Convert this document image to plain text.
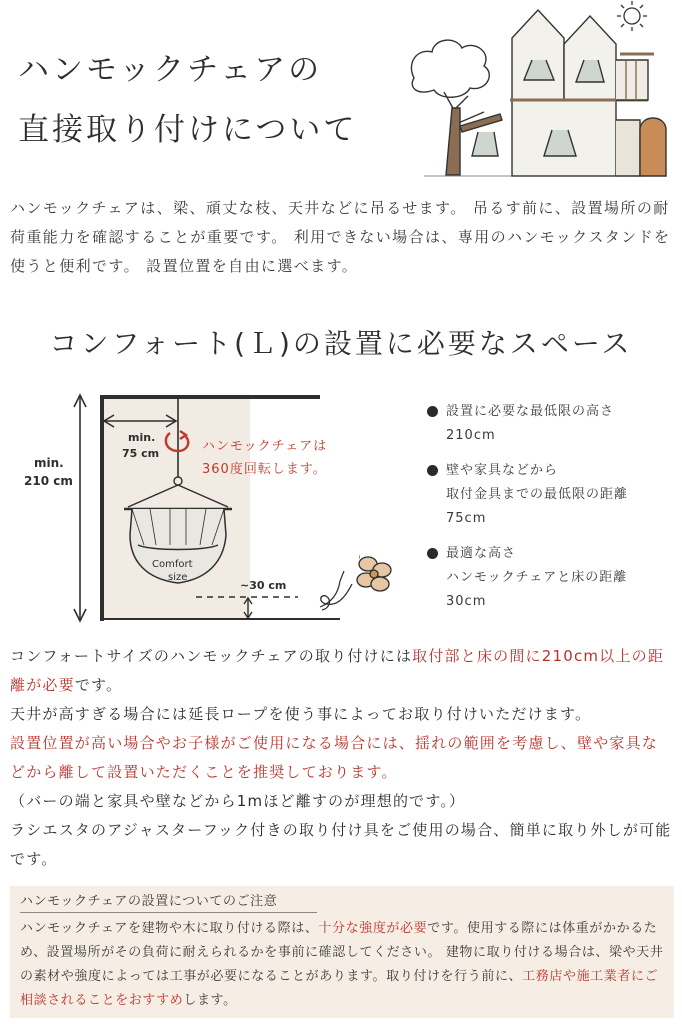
ハンモックチェアの
直接取り付けについて
ハンモックチェアは、梁、頑丈な枝、天井などに吊るせます。 吊るす前に、設置場所の耐荷重能力を確認することが重要です。 利用できない場合は、専用のハンモックスタンドを使うと便利です。 設置位置を自由に選べます。
コンフォート(Ｌ)の設置に必要なスペース
min.
210 cm
min.
75 cm
Comfort
size
~30 cm
ハンモックチェアは
360度回転します。
設置に必要な最低限の高さ
210cm
壁や家具などから
取付金具までの最低限の距離
75cm
最適な高さ
ハンモックチェアと床の距離
30cm
コンフォートサイズのハンモックチェアの取り付けには取付部と床の間に210cm以上の距離が必要です。
天井が高すぎる場合には延長ロープを使う事によってお取り付けいただけます。
設置位置が高い場合やお子様がご使用になる場合には、揺れの範囲を考慮し、壁や家具などから離して設置いただくことを推奨しております。
（バーの端と家具や壁などから1mほど離すのが理想的です。）
ラシエスタのアジャスターフック付きの取り付け具をご使用の場合、簡単に取り外しが可能です。
ハンモックチェアの設置についてのご注意
ハンモックチェアを建物や木に取り付ける際は、十分な強度が必要です。使用する際には体重がかかるため、設置場所がその負荷に耐えられるかを事前に確認してください。 建物に取り付ける場合は、梁や天井の素材や強度によっては工事が必要になることがあります。取り付けを行う前に、工務店や施工業者にご相談されることをおすすめします。
